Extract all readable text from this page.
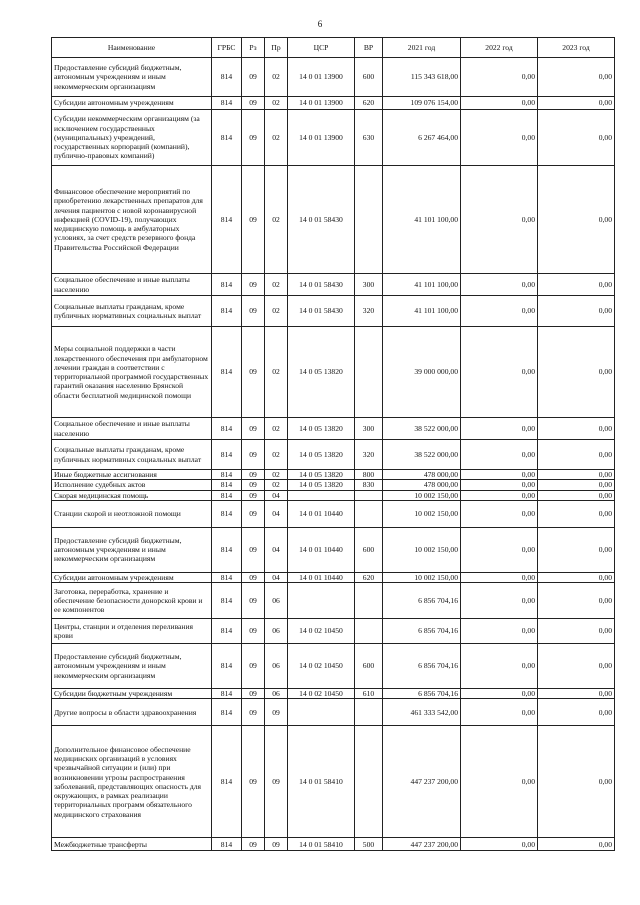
6
Наименование	ГРБС	Рз	Пр	ЦСР	ВР	2021 год	2022 год	2023 год
Предоставление субсидий бюджетным, автономным учреждениям и иным некоммерческим организациям	814	09	02	14 0 01 13900	600	115 343 618,00	0,00	0,00
Субсидии автономным учреждениям	814	09	02	14 0 01 13900	620	109 076 154,00	0,00	0,00
Субсидии некоммерческим организациям (за исключением государственных (муниципальных) учреждений, государственных корпораций (компаний), публично-правовых компаний)	814	09	02	14 0 01 13900	630	6 267 464,00	0,00	0,00
Финансовое обеспечение мероприятий по приобретению лекарственных препаратов для лечения пациентов с новой коронавирусной инфекцией (COVID-19), получающих медицинскую помощь в амбулаторных условиях, за счет средств резервного фонда Правительства Российской Федерации	814	09	02	14 0 01 58430		41 101 100,00	0,00	0,00
Социальное обеспечение и иные выплаты населению	814	09	02	14 0 01 58430	300	41 101 100,00	0,00	0,00
Социальные выплаты гражданам, кроме публичных нормативных социальных выплат	814	09	02	14 0 01 58430	320	41 101 100,00	0,00	0,00
Меры социальной поддержки в части лекарственного обеспечения при амбулаторном лечении граждан в соответствии с территориальной программой государственных гарантий оказания населению Брянской области бесплатной медицинской помощи	814	09	02	14 0 05 13820		39 000 000,00	0,00	0,00
Социальное обеспечение и иные выплаты населению	814	09	02	14 0 05 13820	300	38 522 000,00	0,00	0,00
Социальные выплаты гражданам, кроме публичных нормативных социальных выплат	814	09	02	14 0 05 13820	320	38 522 000,00	0,00	0,00
Иные бюджетные ассигнования	814	09	02	14 0 05 13820	800	478 000,00	0,00	0,00
Исполнение судебных актов	814	09	02	14 0 05 13820	830	478 000,00	0,00	0,00
Скорая медицинская помощь	814	09	04			10 002 150,00	0,00	0,00
Станции скорой и неотложной помощи	814	09	04	14 0 01 10440		10 002 150,00	0,00	0,00
Предоставление субсидий бюджетным, автономным учреждениям и иным некоммерческим организациям	814	09	04	14 0 01 10440	600	10 002 150,00	0,00	0,00
Субсидии автономным учреждениям	814	09	04	14 0 01 10440	620	10 002 150,00	0,00	0,00
Заготовка, переработка, хранение и обеспечение безопасности донорской крови и ее компонентов	814	09	06			6 856 704,16	0,00	0,00
Центры, станции и отделения переливания крови	814	09	06	14 0 02 10450		6 856 704,16	0,00	0,00
Предоставление субсидий бюджетным, автономным учреждениям и иным некоммерческим организациям	814	09	06	14 0 02 10450	600	6 856 704,16	0,00	0,00
Субсидии бюджетным учреждениям	814	09	06	14 0 02 10450	610	6 856 704,16	0,00	0,00
Другие вопросы в области здравоохранения	814	09	09			461 333 542,00	0,00	0,00
Дополнительное финансовое обеспечение медицинских организаций в условиях чрезвычайной ситуации и (или) при возникновении угрозы распространения заболеваний, представляющих опасность для окружающих, в рамках реализации территориальных программ обязательного медицинского страхования	814	09	09	14 0 01 58410		447 237 200,00	0,00	0,00
Межбюджетные трансферты	814	09	09	14 0 01 58410	500	447 237 200,00	0,00	0,00
